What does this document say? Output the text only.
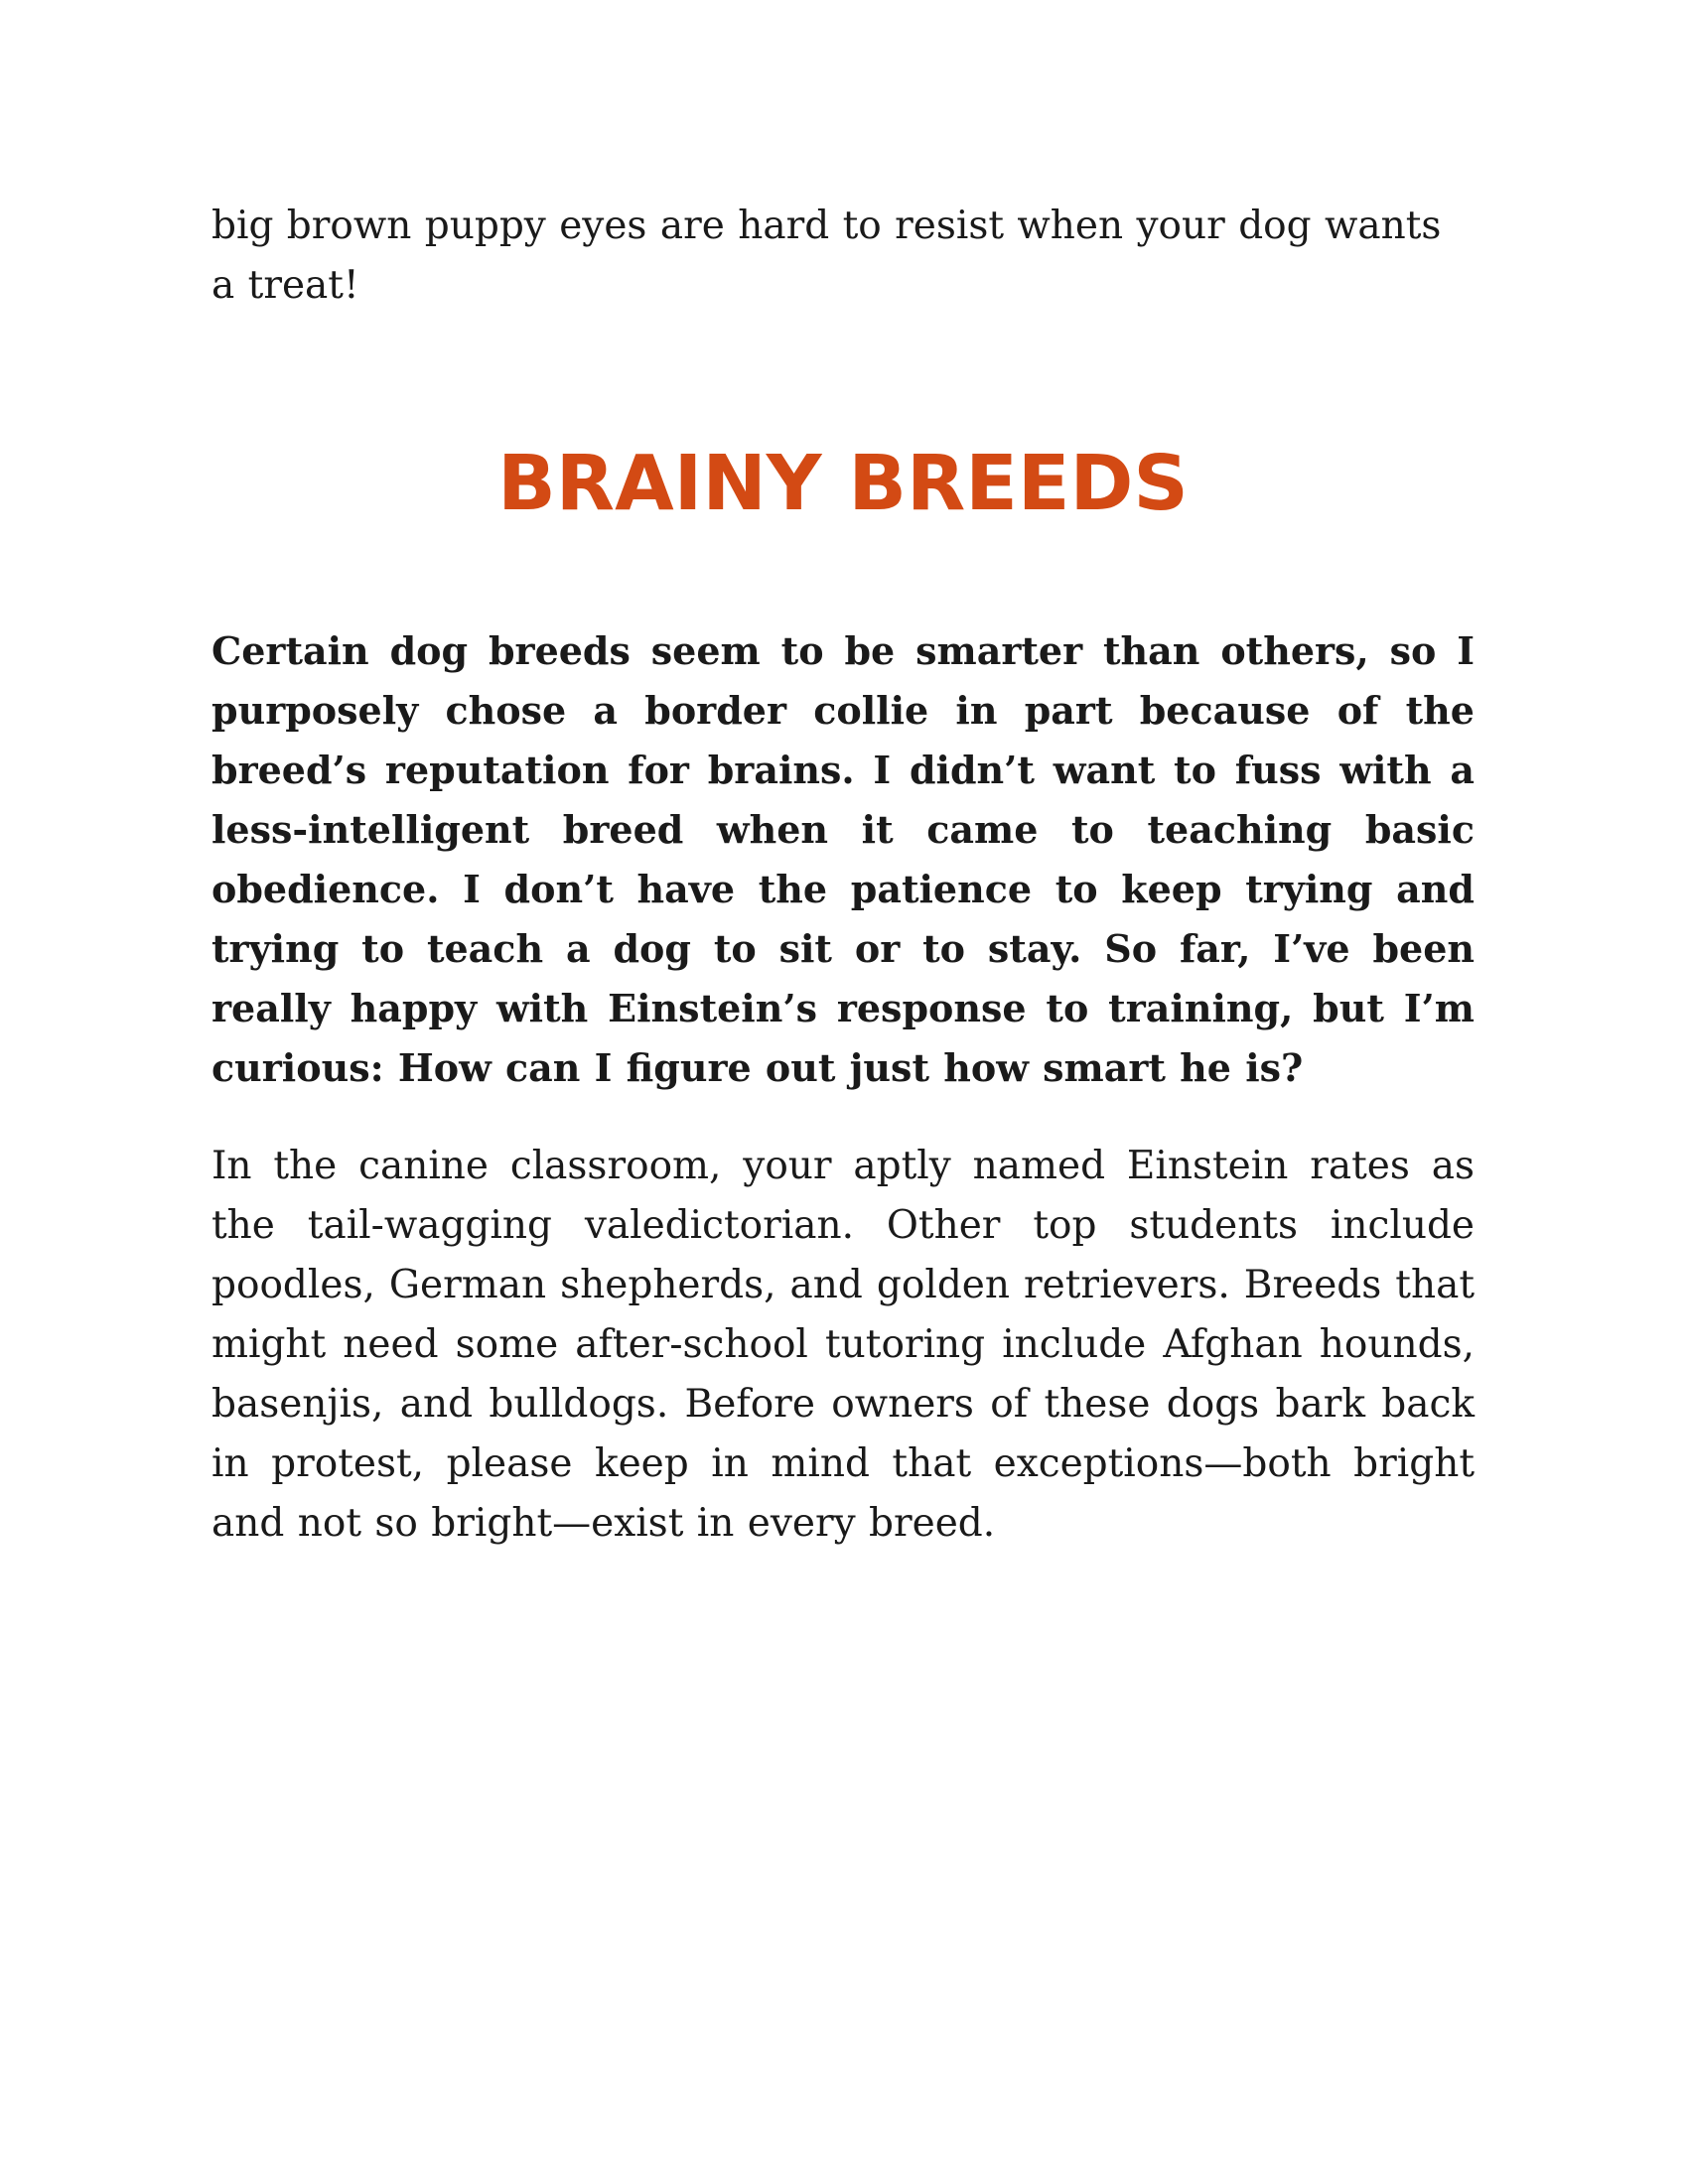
big brown puppy eyes are hard to resist when your dog wants a treat!

BRAINY BREEDS

Certain dog breeds seem to be smarter than others, so I purposely chose a border collie in part because of the breed’s reputation for brains. I didn’t want to fuss with a less-intelligent breed when it came to teaching basic obedience. I don’t have the patience to keep trying and trying to teach a dog to sit or to stay. So far, I’ve been really happy with Einstein’s response to training, but I’m curious: How can I figure out just how smart he is?

In the canine classroom, your aptly named Einstein rates as the tail-wagging valedictorian. Other top students include poodles, German shepherds, and golden retrievers. Breeds that might need some after-school tutoring include Afghan hounds, basenjis, and bulldogs. Before owners of these dogs bark back in protest, please keep in mind that exceptions—both bright and not so bright—exist in every breed.
